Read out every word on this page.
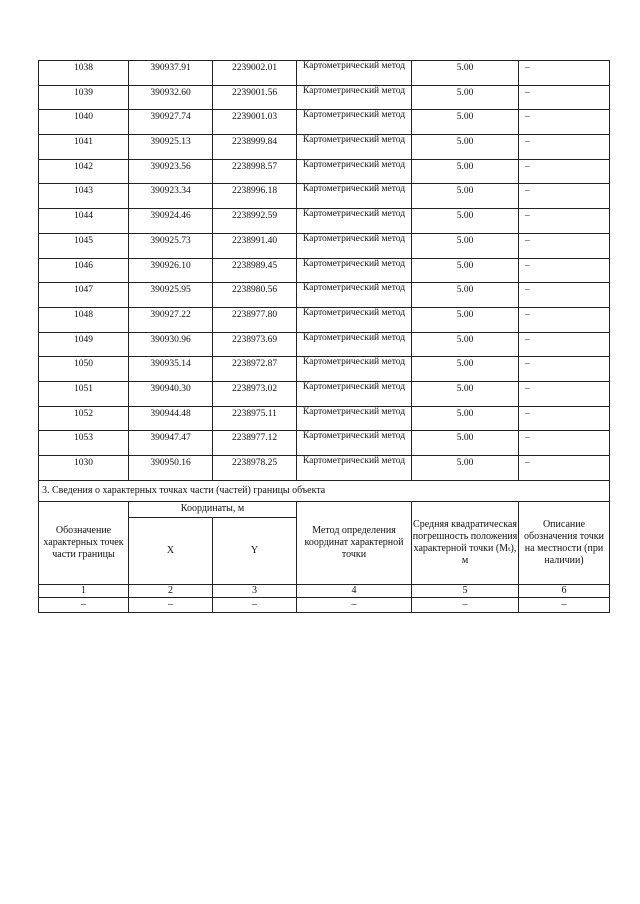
1038	390937.91	2239002.01	Картометрический метод	5.00	–
1039	390932.60	2239001.56	Картометрический метод	5.00	–
1040	390927.74	2239001.03	Картометрический метод	5.00	–
1041	390925.13	2238999.84	Картометрический метод	5.00	–
1042	390923.56	2238998.57	Картометрический метод	5.00	–
1043	390923.34	2238996.18	Картометрический метод	5.00	–
1044	390924.46	2238992.59	Картометрический метод	5.00	–
1045	390925.73	2238991.40	Картометрический метод	5.00	–
1046	390926.10	2238989.45	Картометрический метод	5.00	–
1047	390925.95	2238980.56	Картометрический метод	5.00	–
1048	390927.22	2238977.80	Картометрический метод	5.00	–
1049	390930.96	2238973.69	Картометрический метод	5.00	–
1050	390935.14	2238972.87	Картометрический метод	5.00	–
1051	390940.30	2238973.02	Картометрический метод	5.00	–
1052	390944.48	2238975.11	Картометрический метод	5.00	–
1053	390947.47	2238977.12	Картометрический метод	5.00	–
1030	390950.16	2238978.25	Картометрический метод	5.00	–
3. Сведения о характерных точках части (частей) границы объекта					
Обозначение характерных точек части границы	Координаты, м		Метод определения координат характерной точки	Средняя квадратическая погрешность положения характерной точки (Mₜ), м	Описание обозначения точки на местности (при наличии)
	X	Y			
1	2	3	4	5	6
–	–	–	–	–	–
